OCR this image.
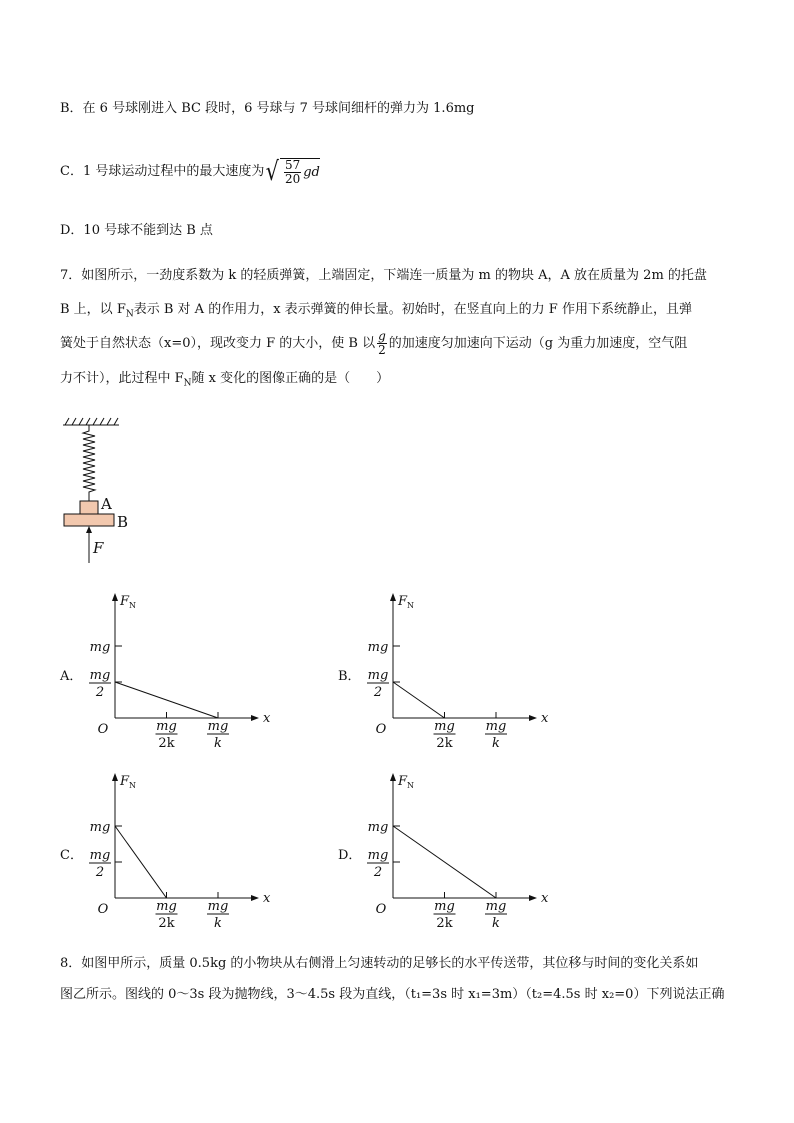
B．在 6 号球刚进入 BC 段时，6 号球与 7 号球间细杆的弹力为 1.6mg
C．1 号球运动过程中的最大速度为 √ $\frac{57}{20}$ gd
D．10 号球不能到达 B 点
7．如图所示，一劲度系数为 k 的轻质弹簧，上端固定，下端连一质量为 m 的物块 A，A 放在质量为 2m 的托盘
B 上，以 $F_N$表示 B 对 A 的作用力，x 表示弹簧的伸长量。初始时，在竖直向上的力 F 作用下系统静止，且弹
簧处于自然状态（x=0），现改变力 F 的大小，使 B 以 $\frac{g}{2}$ 的加速度匀加速向下运动（g 为重力加速度，空气阻
力不计），此过程中 $F_N$随 x 变化的图像正确的是（　　）
A
B
F
A．	B．
C．	D．
F N
x
O
mg
mg
2
mg
2k
mg
k
F N
x
O
mg
mg
2
mg
2k
mg
k
F N
x
O
mg
mg
2
mg
2k
mg
k
F N
x
O
mg
mg
2
mg
2k
mg
k
8．如图甲所示，质量 0.5kg 的小物块从右侧滑上匀速转动的足够长的水平传送带，其位移与时间的变化关系如
图乙所示。图线的 0～3s 段为抛物线，3～4.5s 段为直线，（t₁=3s 时 x₁=3m）（t₂=4.5s 时 x₂=0）下列说法正确
